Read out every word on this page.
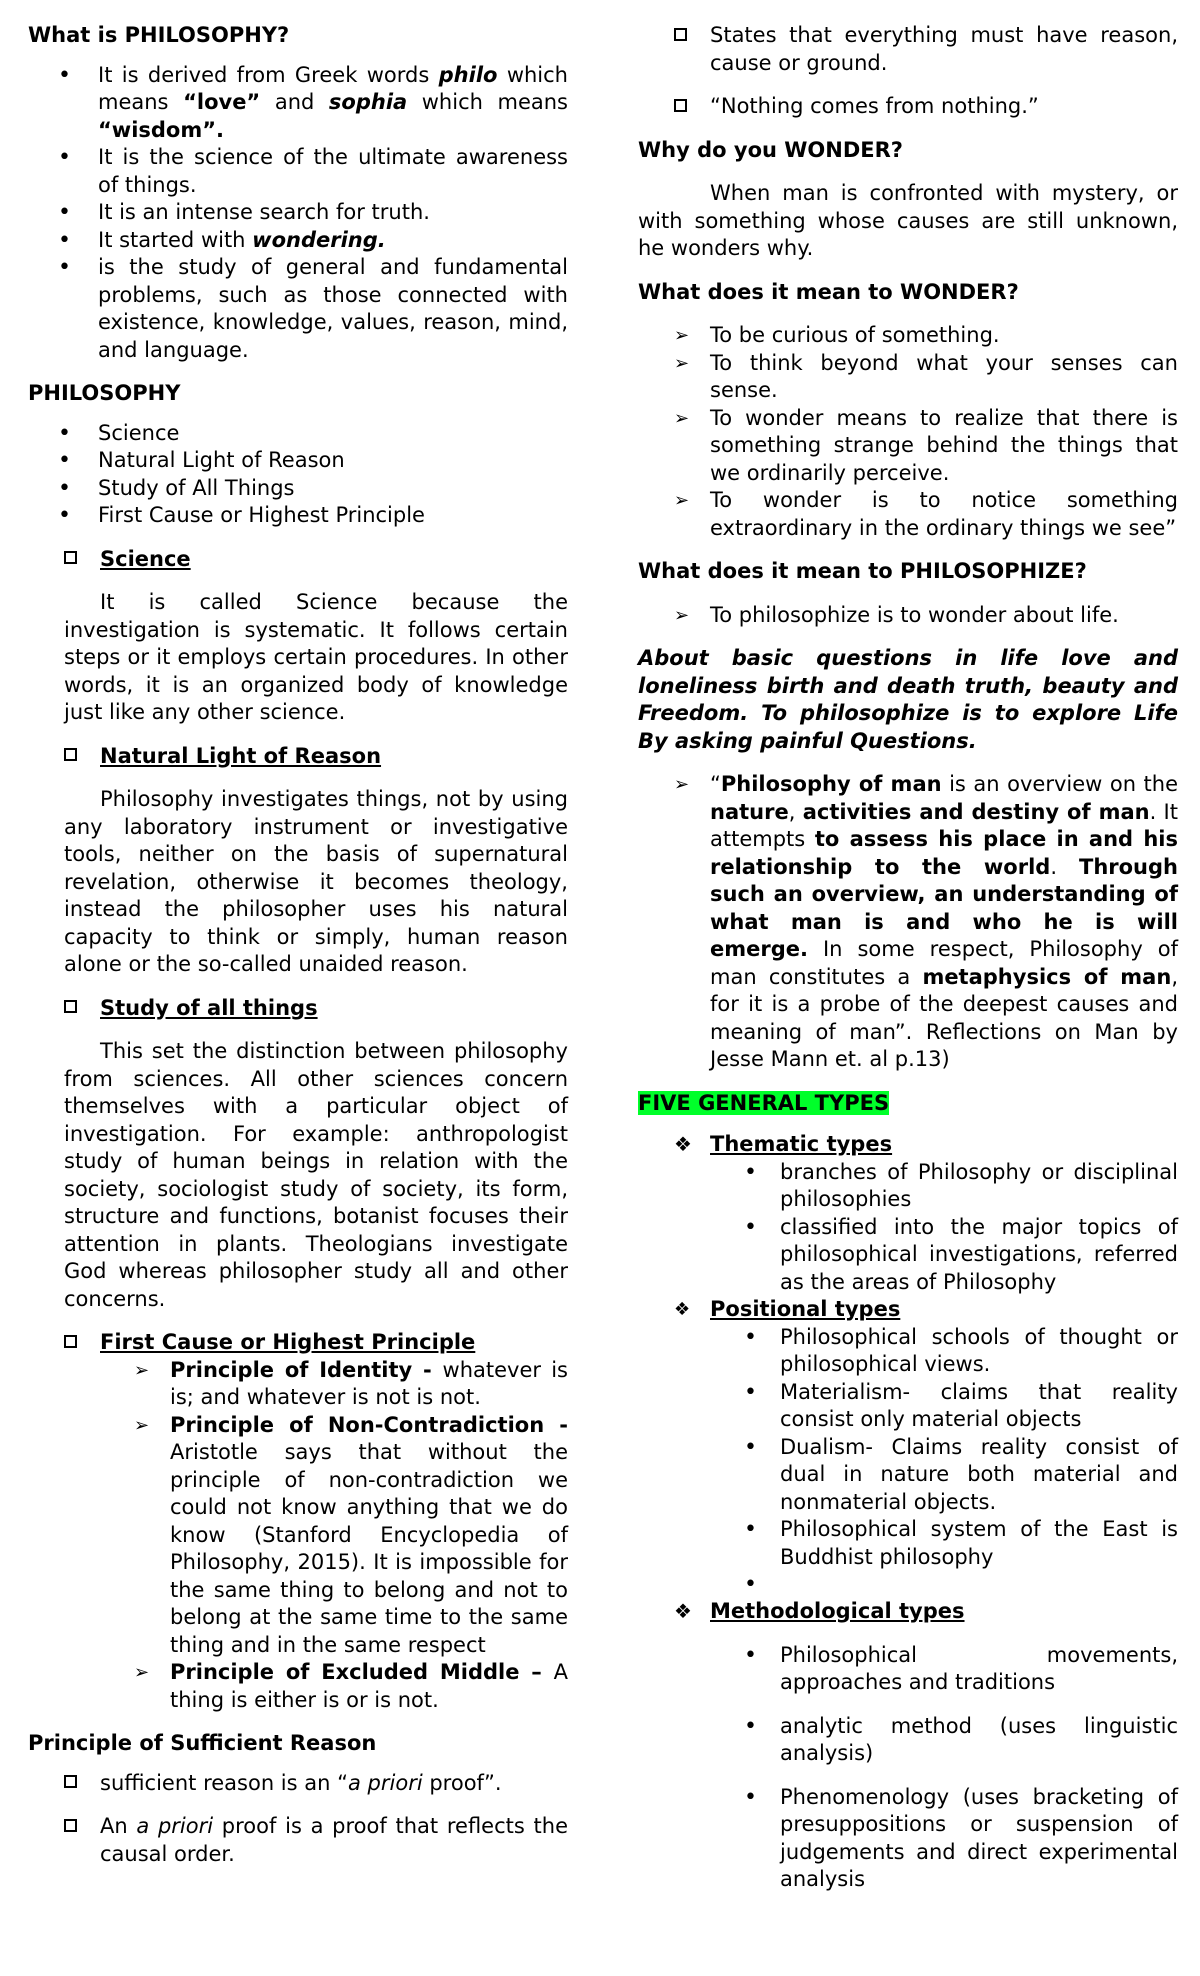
What is PHILOSOPHY?

• It is derived from Greek words philo which means “love” and sophia which means “wisdom”.
• It is the science of the ultimate awareness of things.
• It is an intense search for truth.
• It started with wondering.
• is the study of general and fundamental problems, such as those connected with existence, knowledge, values, reason, mind, and language.

PHILOSOPHY

• Science
• Natural Light of Reason
• Study of All Things
• First Cause or Highest Principle
Science

It is called Science because the investigation is systematic. It follows certain steps or it employs certain procedures. In other words, it is an organized body of knowledge just like any other science.

Natural Light of Reason

Philosophy investigates things, not by using any laboratory instrument or investigative tools, neither on the basis of supernatural revelation, otherwise it becomes theology, instead the philosopher uses his natural capacity to think or simply, human reason alone or the so-called unaided reason.

Study of all things

This set the distinction between philosophy from sciences. All other sciences concern themselves with a particular object of investigation. For example: anthropologist study of human beings in relation with the society, sociologist study of society, its form, structure and functions, botanist focuses their attention in plants. Theologians investigate God whereas philosopher study all and other concerns.

First Cause or Highest Principle
➢ Principle of Identity - whatever is is; and whatever is not is not.
➢ Principle of Non-Contradiction - Aristotle says that without the principle of non-contradiction we could not know anything that we do know (Stanford Encyclopedia of Philosophy, 2015). It is impossible for the same thing to belong and not to belong at the same time to the same thing and in the same respect
➢ Principle of Excluded Middle – A thing is either is or is not.

Principle of Sufficient Reason

sufficient reason is an “a priori proof”.
An a priori proof is a proof that reflects the causal order.
States that everything must have reason, cause or ground.
“Nothing comes from nothing.”

Why do you WONDER?

When man is confronted with mystery, or with something whose causes are still unknown, he wonders why.

What does it mean to WONDER?

➢ To be curious of something.
➢ To think beyond what your senses can sense.
➢ To wonder means to realize that there is something strange behind the things that we ordinarily perceive.
➢ To wonder is to notice something extraordinary in the ordinary things we see”

What does it mean to PHILOSOPHIZE?

➢ To philosophize is to wonder about life.

About basic questions in life love and loneliness birth and death truth, beauty and Freedom. To philosophize is to explore Life By asking painful Questions.

➢ “Philosophy of man is an overview on the nature, activities and destiny of man. It attempts to assess his place in and his relationship to the world. Through such an overview, an understanding of what man is and who he is will emerge. In some respect, Philosophy of man constitutes a metaphysics of man, for it is a probe of the deepest causes and meaning of man”. Reflections on Man by Jesse Mann et. al p.13)

FIVE GENERAL TYPES

❖ Thematic types
• branches of Philosophy or disciplinal philosophies
• classified into the major topics of philosophical investigations, referred as the areas of Philosophy
❖ Positional types
• Philosophical schools of thought or philosophical views.
• Materialism- claims that reality consist only material objects
• Dualism- Claims reality consist of dual in nature both material and nonmaterial objects.
• Philosophical system of the East is Buddhist philosophy
•
❖ Methodological types
• Philosophical movements, approaches and traditions
• analytic method (uses linguistic analysis)
• Phenomenology (uses bracketing of presuppositions or suspension of judgements and direct experimental analysis
